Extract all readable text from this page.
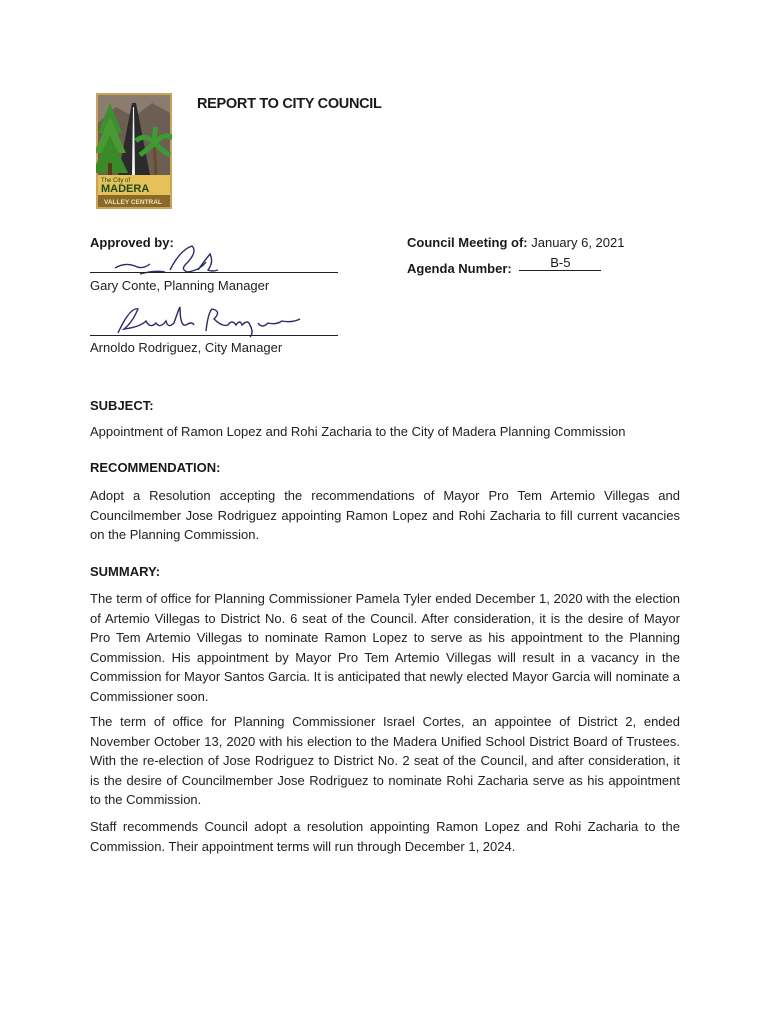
The City of
MADERA
VALLEY CENTRAL
REPORT TO CITY COUNCIL
Approved by:
Gary Conte, Planning Manager
Arnoldo Rodriguez, City Manager
Council Meeting of: January 6, 2021
Agenda Number:	B-5
SUBJECT:
Appointment of Ramon Lopez and Rohi Zacharia to the City of Madera Planning Commission
RECOMMENDATION:
Adopt a Resolution accepting the recommendations of Mayor Pro Tem Artemio Villegas and Councilmember Jose Rodriguez appointing Ramon Lopez and Rohi Zacharia to fill current vacancies on the Planning Commission.
SUMMARY:
The term of office for Planning Commissioner Pamela Tyler ended December 1, 2020 with the election of Artemio Villegas to District No. 6 seat of the Council. After consideration, it is the desire of Mayor Pro Tem Artemio Villegas to nominate Ramon Lopez to serve as his appointment to the Planning Commission. His appointment by Mayor Pro Tem Artemio Villegas will result in a vacancy in the Commission for Mayor Santos Garcia. It is anticipated that newly elected Mayor Garcia will nominate a Commissioner soon.
The term of office for Planning Commissioner Israel Cortes, an appointee of District 2, ended November October 13, 2020 with his election to the Madera Unified School District Board of Trustees. With the re-election of Jose Rodriguez to District No. 2 seat of the Council, and after consideration, it is the desire of Councilmember Jose Rodriguez to nominate Rohi Zacharia serve as his appointment to the Commission.
Staff recommends Council adopt a resolution appointing Ramon Lopez and Rohi Zacharia to the Commission. Their appointment terms will run through December 1, 2024.
